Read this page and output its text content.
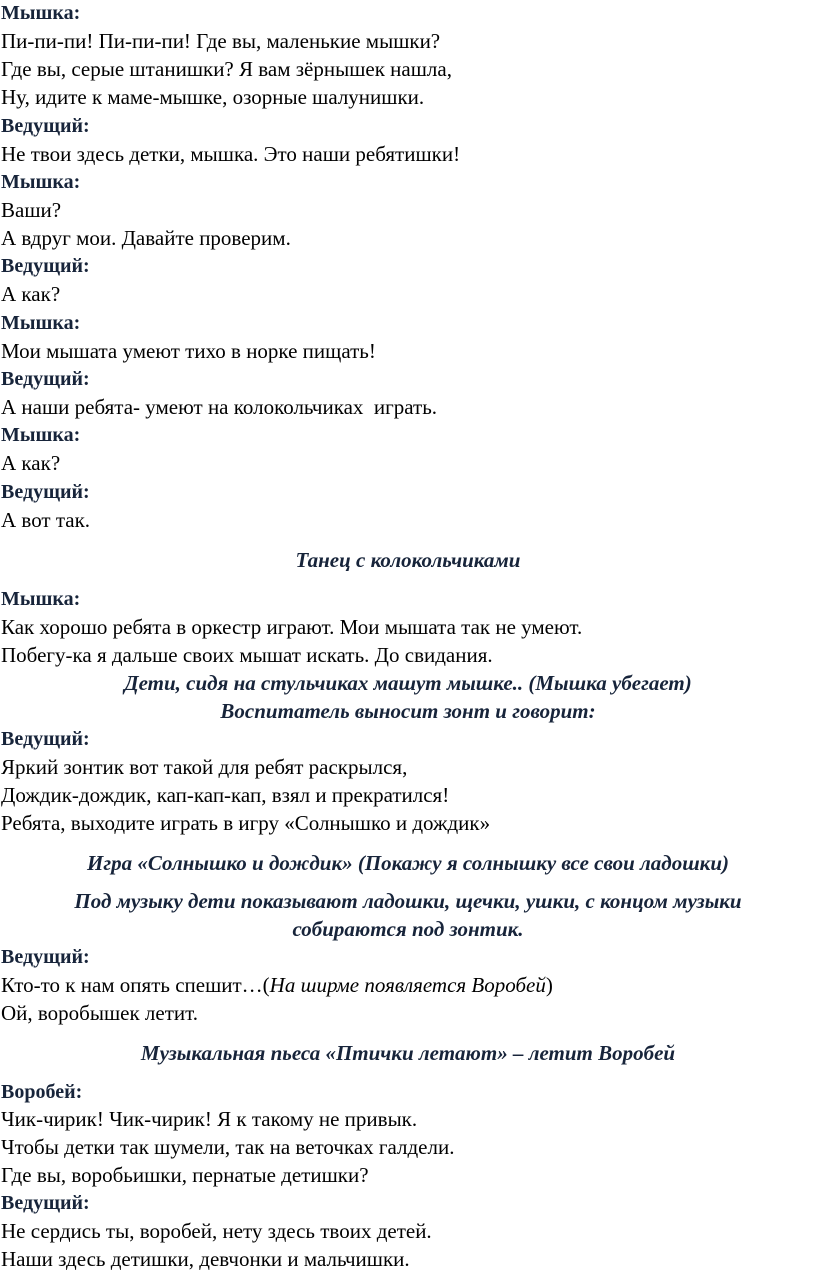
Мышка:
Пи-пи-пи! Пи-пи-пи! Где вы, маленькие мышки?
Где вы, серые штанишки? Я вам зёрнышек нашла,
Ну, идите к маме-мышке, озорные шалунишки.
Ведущий:
Не твои здесь детки, мышка. Это наши ребятишки!
Мышка:
Ваши?
А вдруг мои. Давайте проверим.
Ведущий:
А как?
Мышка:
Мои мышата умеют тихо в норке пищать!
Ведущий:
А наши ребята- умеют на колокольчиках  играть.
Мышка:
А как?
Ведущий:
А вот так.
Танец с колокольчиками
Мышка:
Как хорошо ребята в оркестр играют. Мои мышата так не умеют.
Побегу-ка я дальше своих мышат искать. До свидания.
Дети, сидя на стульчиках машут мышке.. (Мышка убегает)
Воспитатель выносит зонт и говорит:
Ведущий:
Яркий зонтик вот такой для ребят раскрылся,
Дождик-дождик, кап-кап-кап, взял и прекратился!
Ребята, выходите играть в игру «Солнышко и дождик»
Игра «Солнышко и дождик» (Покажу я солнышку все свои ладошки)
Под музыку дети показывают ладошки, щечки, ушки, с концом музыки
собираются под зонтик.
Ведущий:
Кто-то к нам опять спешит…(На ширме появляется Воробей)
Ой, воробышек летит.
Музыкальная пьеса «Птички летают» – летит Воробей
Воробей:
Чик-чирик! Чик-чирик! Я к такому не привык.
Чтобы детки так шумели, так на веточках галдели.
Где вы, воробьишки, пернатые детишки?
Ведущий:
Не сердись ты, воробей, нету здесь твоих детей.
Наши здесь детишки, девчонки и мальчишки.
